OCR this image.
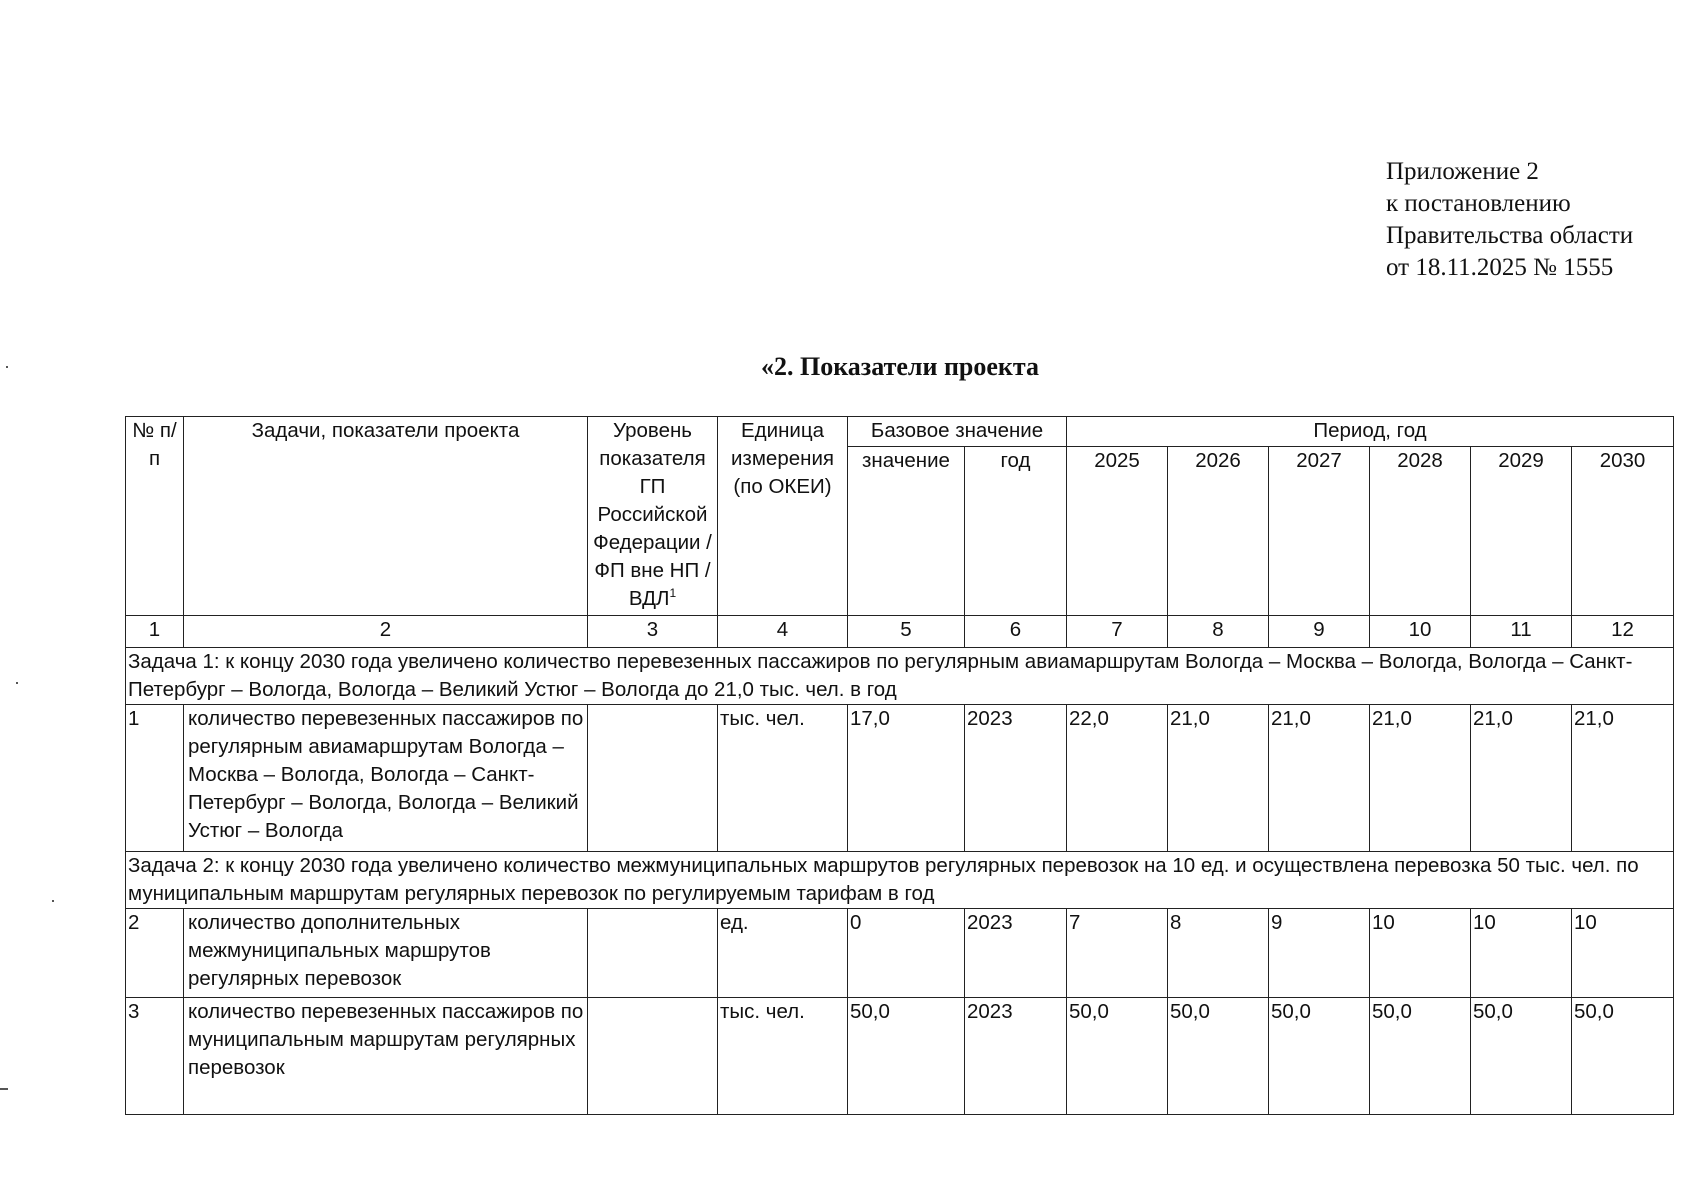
Приложение 2
к постановлению
Правительства области
от 18.11.2025 № 1555
«2. Показатели проекта
№ п/п	Задачи, показатели проекта	Уровень показателя ГП Российской Федерации / ФП вне НП / ВДЛ$^1$	Единица измерения (по ОКЕИ)	Базовое значение		Период, год					
				значение	год	2025	2026	2027	2028	2029	2030
1	2	3	4	5	6	7	8	9	10	11	12
Задача 1: к концу 2030 года увеличено количество перевезенных пассажиров по регулярным авиамаршрутам Вологда – Москва – Вологда, Вологда – Санкт-Петербург – Вологда, Вологда – Великий Устюг – Вологда до 21,0 тыс. чел. в год											
1	количество перевезенных пассажиров по регулярным авиамаршрутам Вологда – Москва – Вологда, Вологда – Санкт-Петербург – Вологда, Вологда – Великий Устюг – Вологда		тыс. чел.	17,0	2023	22,0	21,0	21,0	21,0	21,0	21,0
Задача 2: к концу 2030 года увеличено количество межмуниципальных маршрутов регулярных перевозок на 10 ед. и осуществлена перевозка 50 тыс. чел. по муниципальным маршрутам регулярных перевозок по регулируемым тарифам в год											
2	количество дополнительных межмуниципальных маршрутов регулярных перевозок		ед.	0	2023	7	8	9	10	10	10
3	количество перевезенных пассажиров по муниципальным маршрутам регулярных перевозок		тыс. чел.	50,0	2023	50,0	50,0	50,0	50,0	50,0	50,0
